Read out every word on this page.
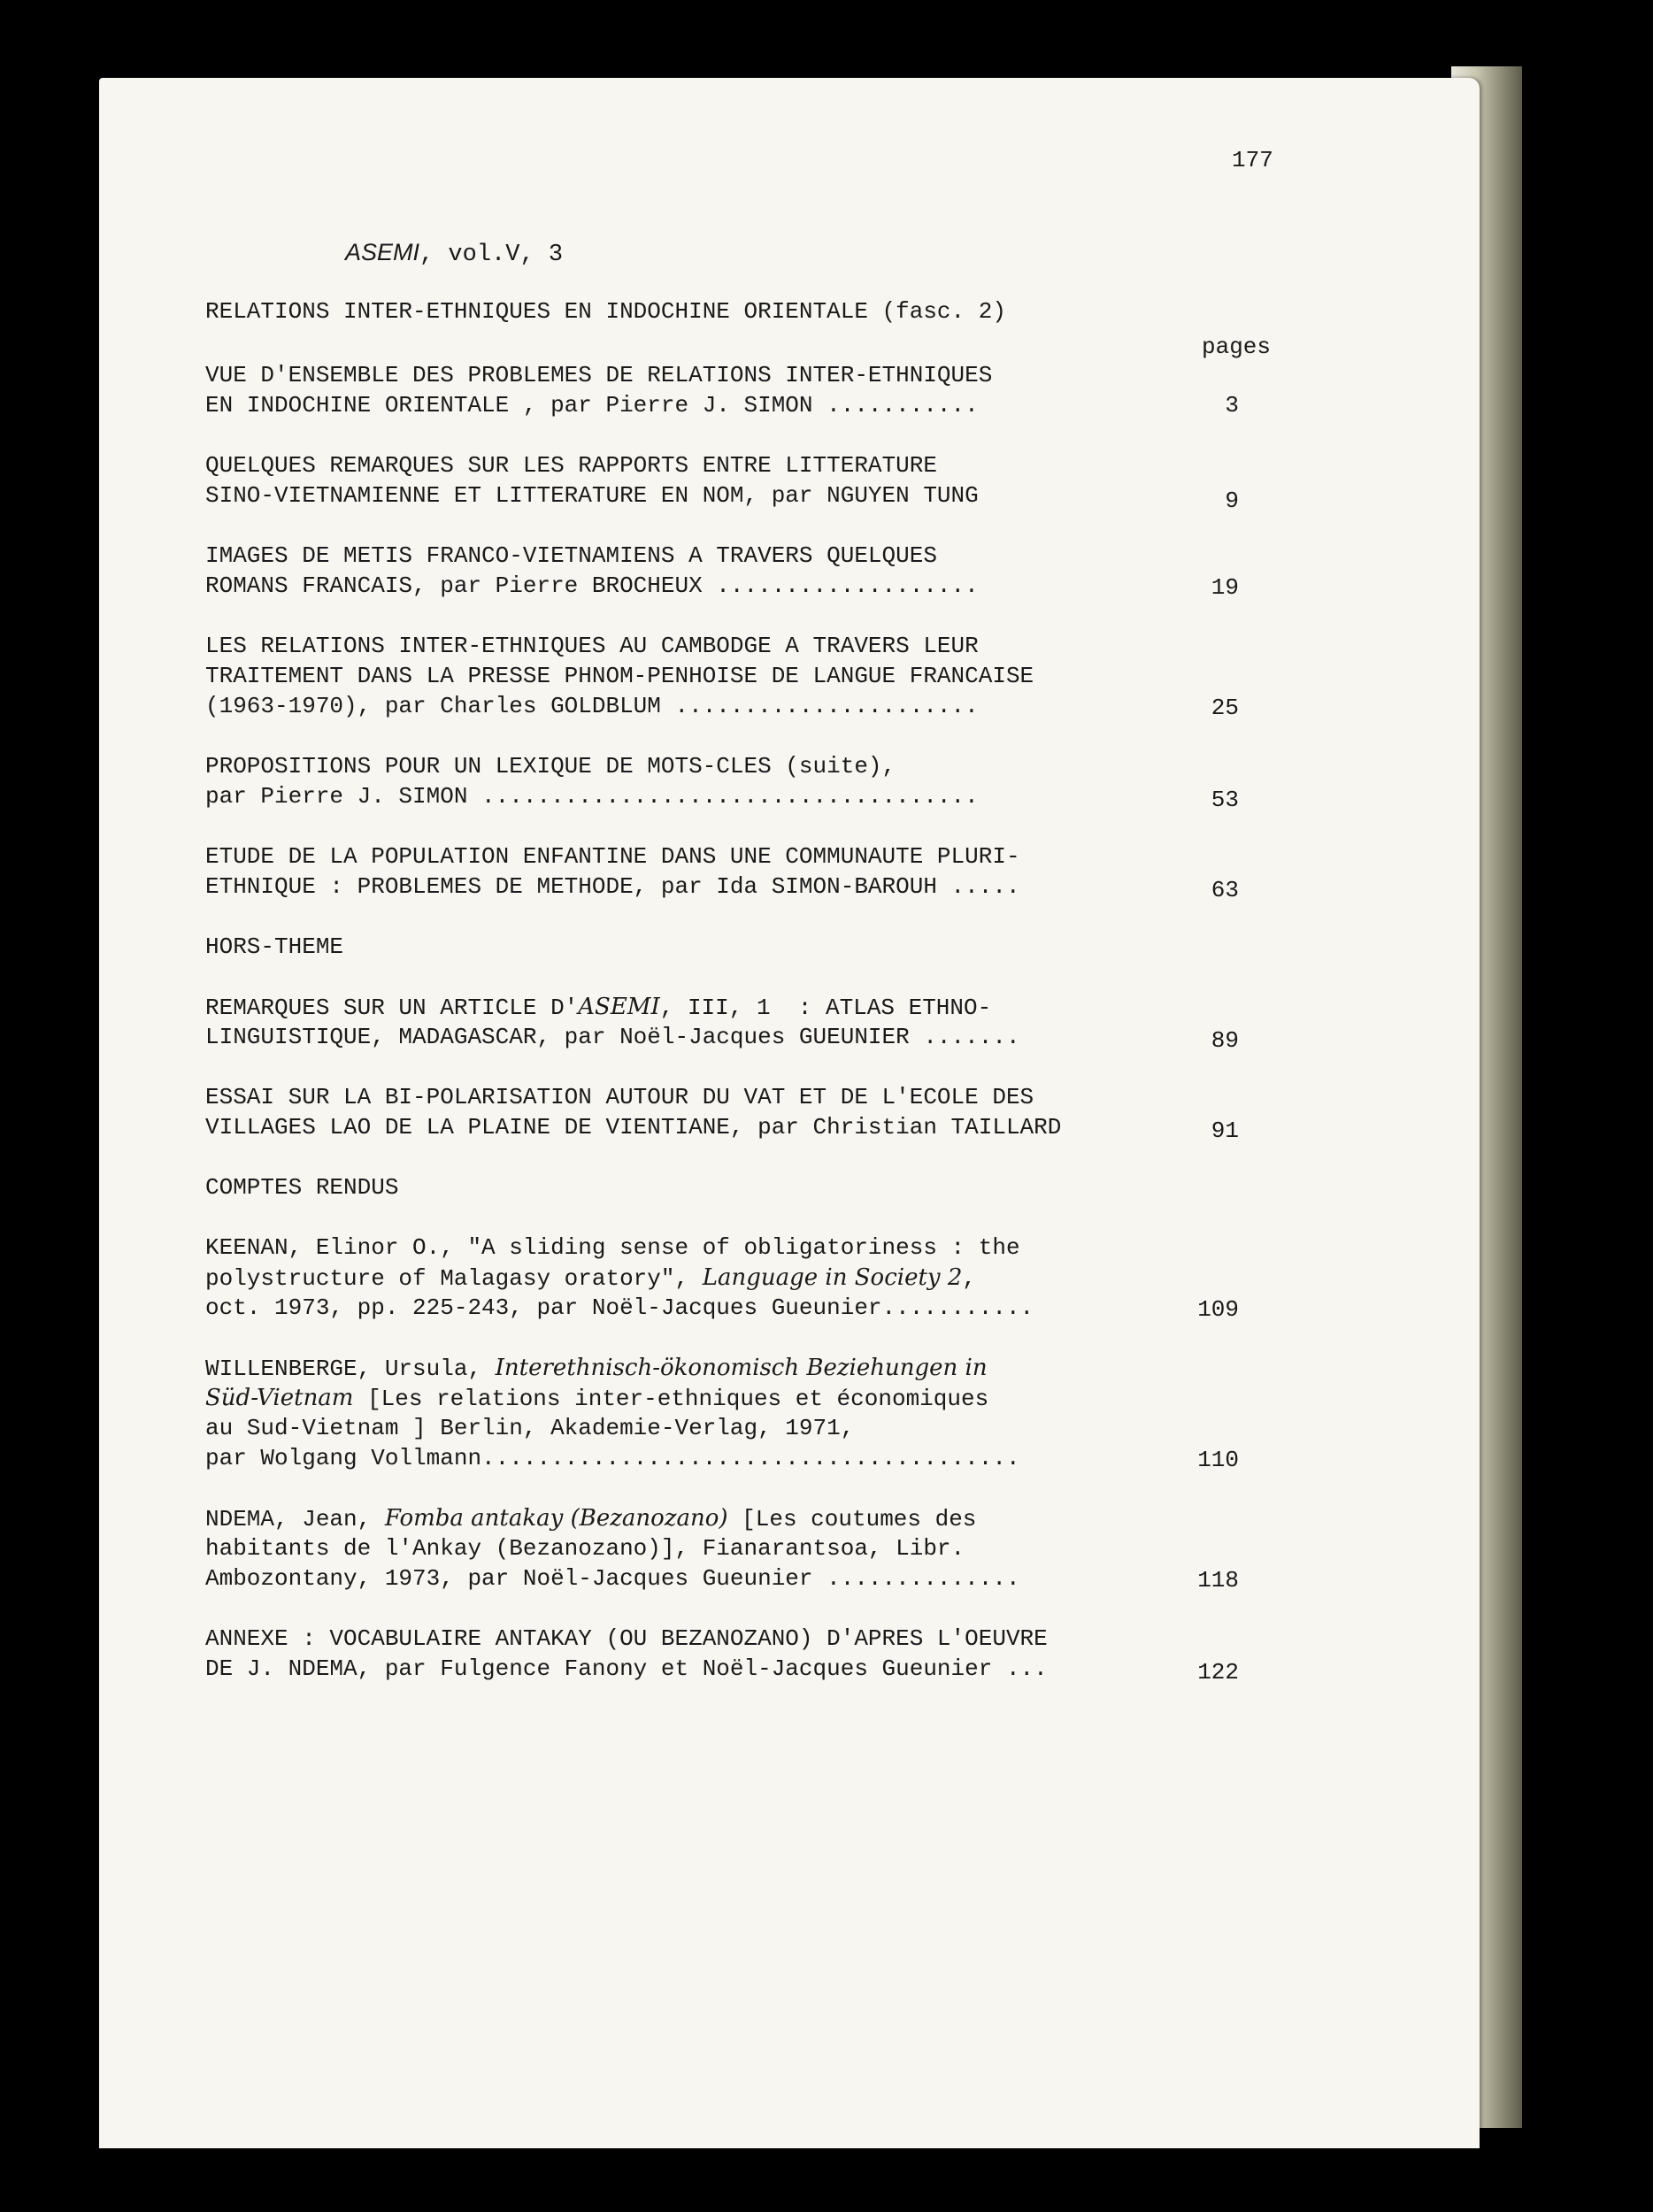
177
ASEMI, vol.V, 3
RELATIONS INTER-ETHNIQUES EN INDOCHINE ORIENTALE (fasc. 2)
pages
VUE D'ENSEMBLE DES PROBLEMES DE RELATIONS INTER-ETHNIQUES
EN INDOCHINE ORIENTALE , par Pierre J. SIMON ...........	3
QUELQUES REMARQUES SUR LES RAPPORTS ENTRE LITTERATURE
SINO-VIETNAMIENNE ET LITTERATURE EN NOM, par NGUYEN TUNG	9
IMAGES DE METIS FRANCO-VIETNAMIENS A TRAVERS QUELQUES
ROMANS FRANCAIS, par Pierre BROCHEUX ...................	19
LES RELATIONS INTER-ETHNIQUES AU CAMBODGE A TRAVERS LEUR
TRAITEMENT DANS LA PRESSE PHNOM-PENHOISE DE LANGUE FRANCAISE
(1963-1970), par Charles GOLDBLUM ......................	25
PROPOSITIONS POUR UN LEXIQUE DE MOTS-CLES (suite),
par Pierre J. SIMON ....................................	53
ETUDE DE LA POPULATION ENFANTINE DANS UNE COMMUNAUTE PLURI-
ETHNIQUE : PROBLEMES DE METHODE, par Ida SIMON-BAROUH .....	63
HORS-THEME
REMARQUES SUR UN ARTICLE D'ASEMI, III, 1  : ATLAS ETHNO-
LINGUISTIQUE, MADAGASCAR, par Noël-Jacques GUEUNIER .......	89
ESSAI SUR LA BI-POLARISATION AUTOUR DU VAT ET DE L'ECOLE DES
VILLAGES LAO DE LA PLAINE DE VIENTIANE, par Christian TAILLARD	91
COMPTES RENDUS
KEENAN, Elinor O., "A sliding sense of obligatoriness : the
polystructure of Malagasy oratory", Language in Society 2,
oct. 1973, pp. 225-243, par Noël-Jacques Gueunier...........	109
WILLENBERGE, Ursula, Interethnisch-ökonomisch Beziehungen in
Süd-Vietnam [Les relations inter-ethniques et économiques
au Sud-Vietnam ] Berlin, Akademie-Verlag, 1971,
par Wolgang Vollmann.......................................	110
NDEMA, Jean, Fomba antakay (Bezanozano) [Les coutumes des
habitants de l'Ankay (Bezanozano)], Fianarantsoa, Libr.
Ambozontany, 1973, par Noël-Jacques Gueunier ..............	118
ANNEXE : VOCABULAIRE ANTAKAY (OU BEZANOZANO) D'APRES L'OEUVRE
DE J. NDEMA, par Fulgence Fanony et Noël-Jacques Gueunier ...	122
